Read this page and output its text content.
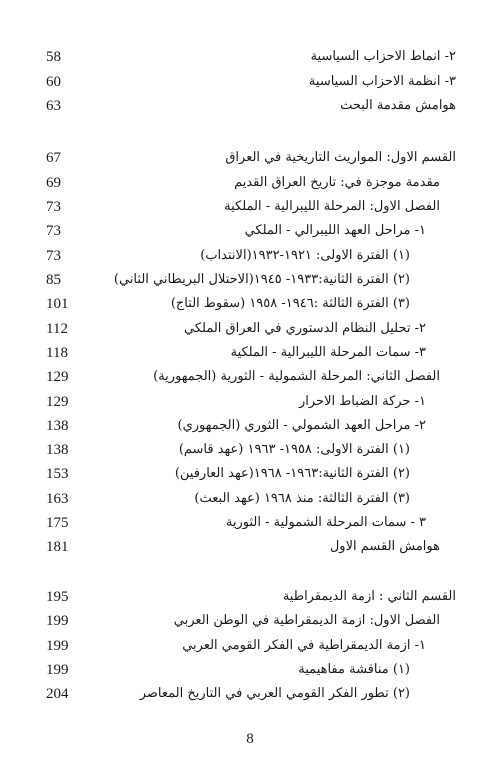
58	٢- انماط الاحزاب السياسية
60	٣- انظمة الاحزاب السياسية
63	هوامش مقدمة البحث
67	القسم الاول: المواريث التاريخية في العراق
69	مقدمة موجزة في: تاريخ العراق القديم
73	الفصل الاول: المرحلة الليبرالية - الملكية
73	١- مراحل العهد الليبرالي - الملكي
73	(١) الفترة الاولى: ١٩٢١-١٩٣٢(الانتداب)
85	(٢) الفترة الثانية:١٩٣٣- ١٩٤٥(الاحتلال البريطاني الثاني)
101	(٣) الفترة الثالثة :١٩٤٦- ١٩٥٨ (سقوط التاج)
112	٢- تحليل النظام الدستوري في العراق الملكي
118	٣- سمات المرحلة الليبرالية - الملكية
129	الفصل الثاني: المرحلة الشمولية - الثورية (الجمهورية)
129	١- حركة الضباط الاحرار
138	٢- مراحل العهد الشمولي - الثوري (الجمهوري)
138	(١) الفترة الاولى: ١٩٥٨- ١٩٦٣ (عهد قاسم)
153	(٢) الفترة الثانية:١٩٦٣- ١٩٦٨(عهد العارفين)
163	(٣) الفترة الثالثة: منذ ١٩٦٨ (عهد البعث)
175	٣ - سمات المرحلة الشمولية - الثورية
181	هوامش القسم الاول
195	القسم الثاني : ازمة الديمقراطية
199	الفصل الاول: ازمة الديمقراطية في الوطن العربي
199	١- ازمة الديمقراطية في الفكر القومي العربي
199	(١) مناقشة مفاهيمية
204	(٢) تطور الفكر القومي العربي في التاريخ المعاصر
8
